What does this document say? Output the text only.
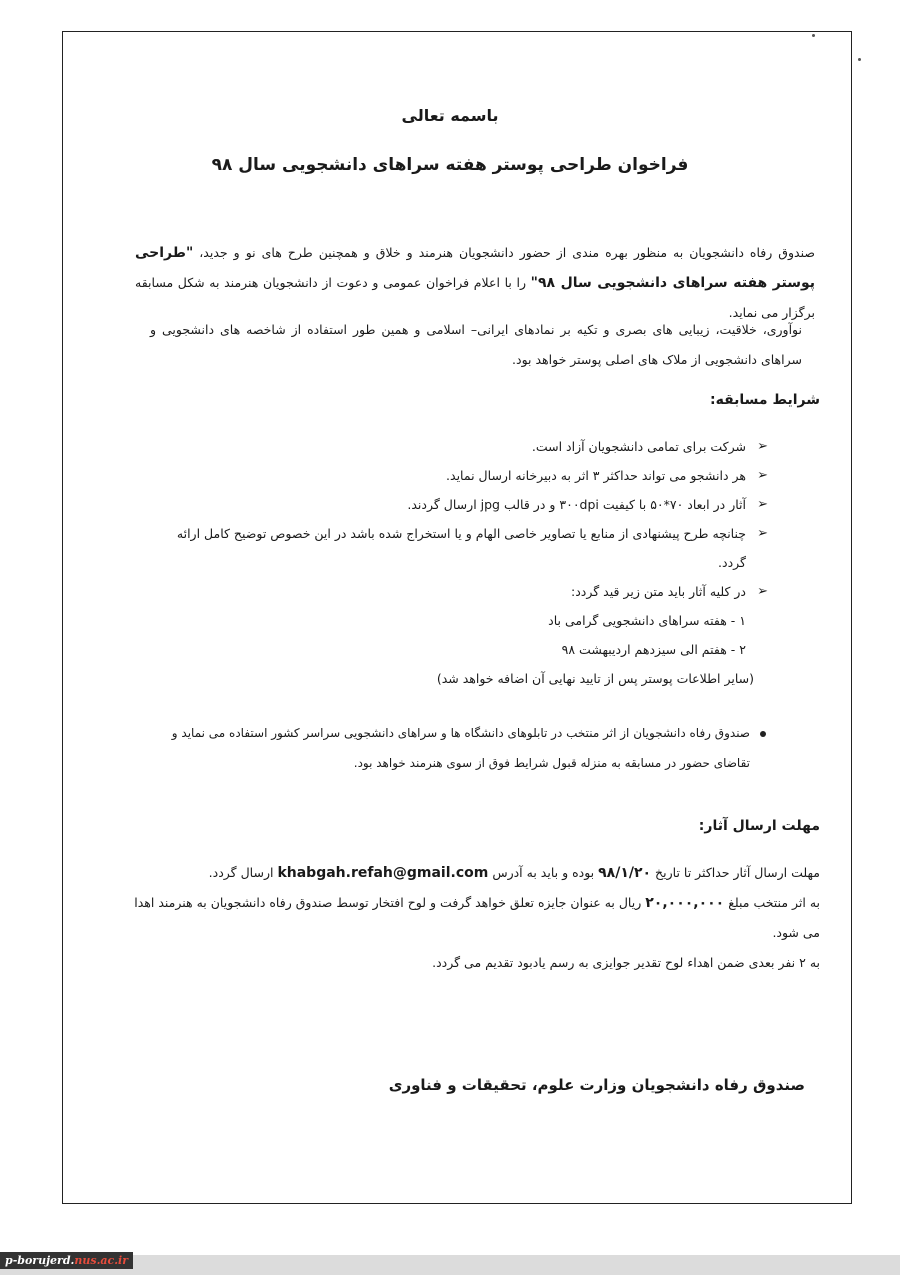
باسمه تعالی
فراخوان طراحی پوستر هفته سراهای دانشجویی سال ۹۸
صندوق رفاه دانشجویان به منظور بهره مندی از حضور دانشجویان هنرمند و خلاق و همچنین طرح های نو و جدید، "طراحی پوستر هفته سراهای دانشجویی سال ۹۸" را با اعلام فراخوان عمومی و دعوت از دانشجویان هنرمند به شکل مسابقه برگزار می نماید.
نوآوری، خلاقیت، زیبایی های بصری و تکیه بر نمادهای ایرانی– اسلامی و همین طور استفاده از شاخصه های دانشجویی و سراهای دانشجویی از ملاک های اصلی پوستر خواهد بود.
شرایط مسابقه:
➢ شرکت برای تمامی دانشجویان آزاد است.
➢ هر دانشجو می تواند حداکثر ۳ اثر به دبیرخانه ارسال نماید.
➢ آثار در ابعاد ۷۰*۵۰ با کیفیت ۳۰۰dpi و در قالب jpg ارسال گردند.
➢ چنانچه طرح پیشنهادی از منابع یا تصاویر خاصی الهام و یا استخراج شده باشد در این خصوص توضیح کامل ارائه گردد.
➢ در کلیه آثار باید متن زیر قید گردد:
۱ - هفته سراهای دانشجویی گرامی باد
۲ - هفتم الی سیزدهم اردیبهشت ۹۸
(سایر اطلاعات پوستر پس از تایید نهایی آن اضافه خواهد شد)
صندوق رفاه دانشجویان از اثر منتخب در تابلوهای دانشگاه ها و سراهای دانشجویی سراسر کشور استفاده می نماید و تقاضای حضور در مسابقه به منزله قبول شرایط فوق از سوی هنرمند خواهد بود.
مهلت ارسال آثار:
مهلت ارسال آثار حداکثر تا تاریخ ۹۸/۱/۲۰ بوده و باید به آدرس khabgah.refah@gmail.com ارسال گردد.
به اثر منتخب مبلغ ۲۰,۰۰۰,۰۰۰ ریال به عنوان جایزه تعلق خواهد گرفت و لوح افتخار توسط صندوق رفاه دانشجویان به هنرمند اهدا می شود.
به ۲ نفر بعدی ضمن اهداء لوح تقدیر جوایزی به رسم یادبود تقدیم می گردد.
صندوق رفاه دانشجویان وزارت علوم، تحقیقات و فناوری
p-borujerd.nus.ac.ir
